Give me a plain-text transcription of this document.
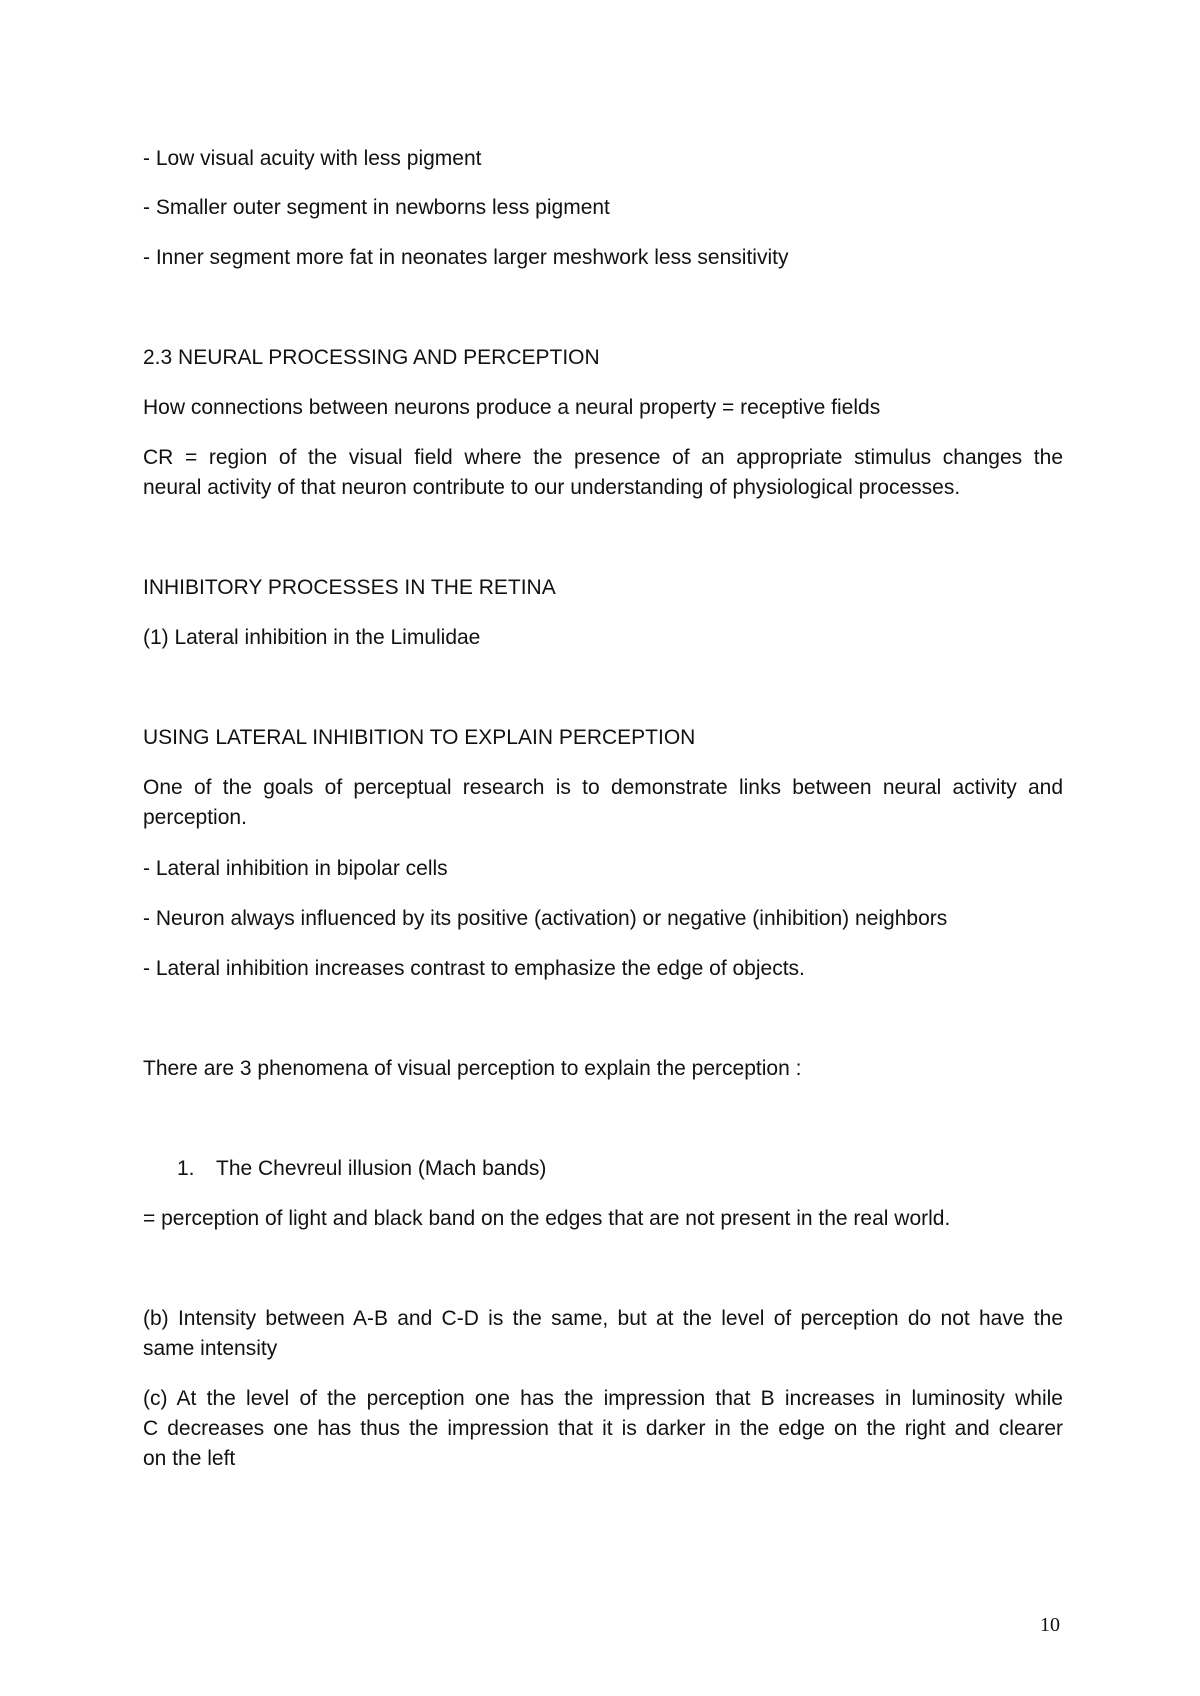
- Low visual acuity with less pigment

- Smaller outer segment in newborns less pigment

- Inner segment more fat in neonates larger meshwork less sensitivity

2.3 NEURAL PROCESSING AND PERCEPTION

How connections between neurons produce a neural property = receptive fields

CR = region of the visual field where the presence of an appropriate stimulus changes the
neural activity of that neuron contribute to our understanding of physiological processes.

INHIBITORY PROCESSES IN THE RETINA

(1) Lateral inhibition in the Limulidae

USING LATERAL INHIBITION TO EXPLAIN PERCEPTION

One of the goals of perceptual research is to demonstrate links between neural activity and
perception.

- Lateral inhibition in bipolar cells

- Neuron always influenced by its positive (activation) or negative (inhibition) neighbors

- Lateral inhibition increases contrast to emphasize the edge of objects.

There are 3 phenomena of visual perception to explain the perception :

1. The Chevreul illusion (Mach bands)

= perception of light and black band on the edges that are not present in the real world.

(b) Intensity between A-B and C-D is the same, but at the level of perception do not have the
same intensity
(c) At the level of the perception one has the impression that B increases in luminosity while
C decreases one has thus the impression that it is darker in the edge on the right and clearer
on the left
10
